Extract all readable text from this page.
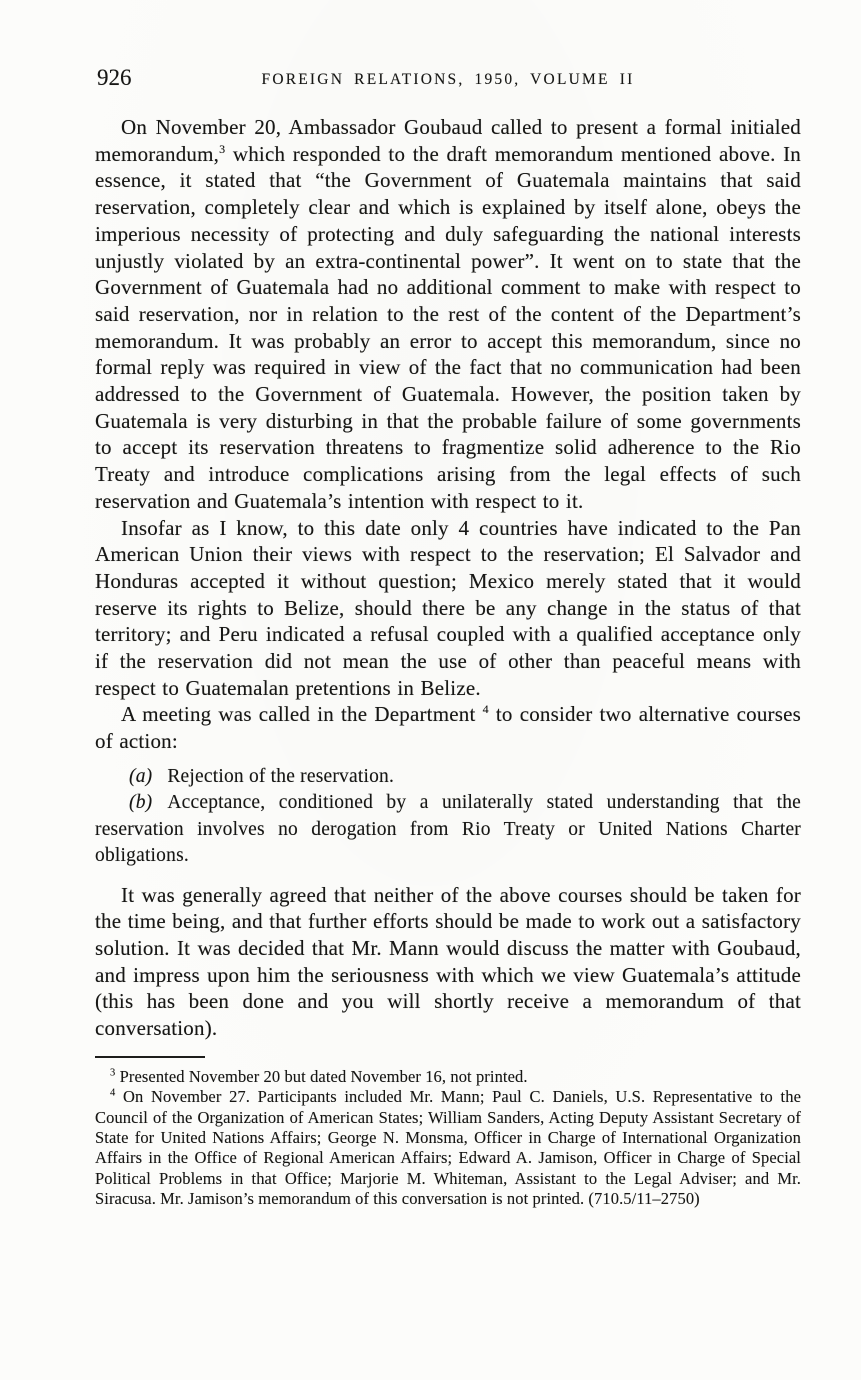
926	FOREIGN RELATIONS, 1950, VOLUME II

On November 20, Ambassador Goubaud called to present a formal initialed memorandum,$^3$ which responded to the draft memorandum mentioned above. In essence, it stated that “the Government of Guatemala maintains that said reservation, completely clear and which is explained by itself alone, obeys the imperious necessity of protecting and duly safeguarding the national interests unjustly violated by an extra-continental power”. It went on to state that the Government of Guatemala had no additional comment to make with respect to said reservation, nor in relation to the rest of the content of the Department’s memorandum. It was probably an error to accept this memorandum, since no formal reply was required in view of the fact that no communication had been addressed to the Government of Guatemala. However, the position taken by Guatemala is very disturbing in that the probable failure of some governments to accept its reservation threatens to fragmentize solid adherence to the Rio Treaty and introduce complications arising from the legal effects of such reservation and Guatemala’s intention with respect to it.

Insofar as I know, to this date only 4 countries have indicated to the Pan American Union their views with respect to the reservation; El Salvador and Honduras accepted it without question; Mexico merely stated that it would reserve its rights to Belize, should there be any change in the status of that territory; and Peru indicated a refusal coupled with a qualified acceptance only if the reservation did not mean the use of other than peaceful means with respect to Guatemalan pretentions in Belize.

A meeting was called in the Department $^4$ to consider two alternative courses of action:

(a) Rejection of the reservation.

(b) Acceptance, conditioned by a unilaterally stated understanding that the reservation involves no derogation from Rio Treaty or United Nations Charter obligations.

It was generally agreed that neither of the above courses should be taken for the time being, and that further efforts should be made to work out a satisfactory solution. It was decided that Mr. Mann would discuss the matter with Goubaud, and impress upon him the seriousness with which we view Guatemala’s attitude (this has been done and you will shortly receive a memorandum of that conversation).

$^3$ Presented November 20 but dated November 16, not printed.

$^4$ On November 27. Participants included Mr. Mann; Paul C. Daniels, U.S. Representative to the Council of the Organization of American States; William Sanders, Acting Deputy Assistant Secretary of State for United Nations Affairs; George N. Monsma, Officer in Charge of International Organization Affairs in the Office of Regional American Affairs; Edward A. Jamison, Officer in Charge of Special Political Problems in that Office; Marjorie M. Whiteman, Assistant to the Legal Adviser; and Mr. Siracusa. Mr. Jamison’s memorandum of this conversation is not printed. (710.5/11–2750)
